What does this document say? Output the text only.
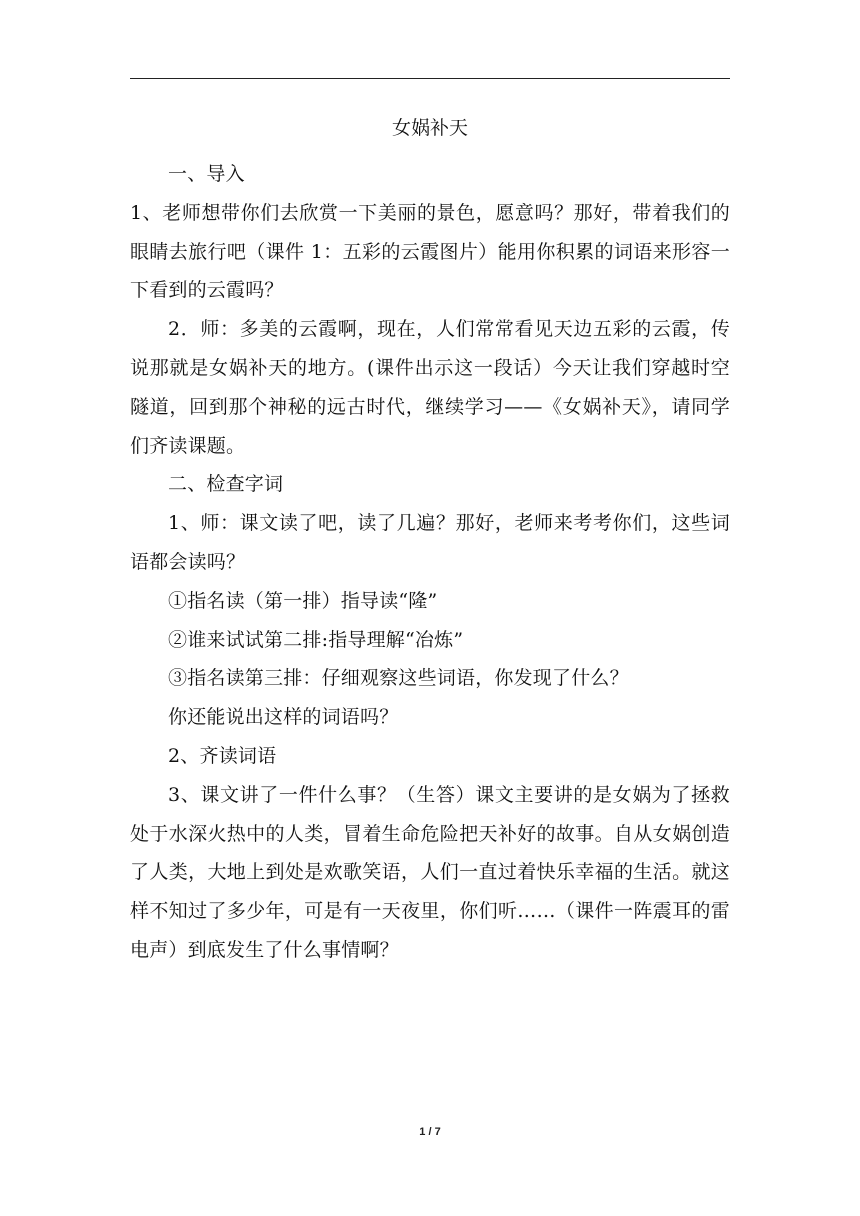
女娲补天

一、导入

1、老师想带你们去欣赏一下美丽的景色，愿意吗？那好，带着我们的眼睛去旅行吧（课件 1：五彩的云霞图片）能用你积累的词语来形容一下看到的云霞吗？

2．师：多美的云霞啊，现在，人们常常看见天边五彩的云霞，传说那就是女娲补天的地方。(课件出示这一段话）今天让我们穿越时空隧道，回到那个神秘的远古时代，继续学习——《女娲补天》，请同学们齐读课题。

二、检查字词

1、师：课文读了吧，读了几遍？那好，老师来考考你们，这些词语都会读吗？

①指名读（第一排）指导读“隆”

②谁来试试第二排:指导理解“冶炼”

③指名读第三排：仔细观察这些词语，你发现了什么？

你还能说出这样的词语吗？

2、齐读词语

3、课文讲了一件什么事？（生答）课文主要讲的是女娲为了拯救处于水深火热中的人类，冒着生命危险把天补好的故事。自从女娲创造了人类，大地上到处是欢歌笑语，人们一直过着快乐幸福的生活。就这样不知过了多少年，可是有一天夜里，你们听……（课件一阵震耳的雷电声）到底发生了什么事情啊？

1 / 7
